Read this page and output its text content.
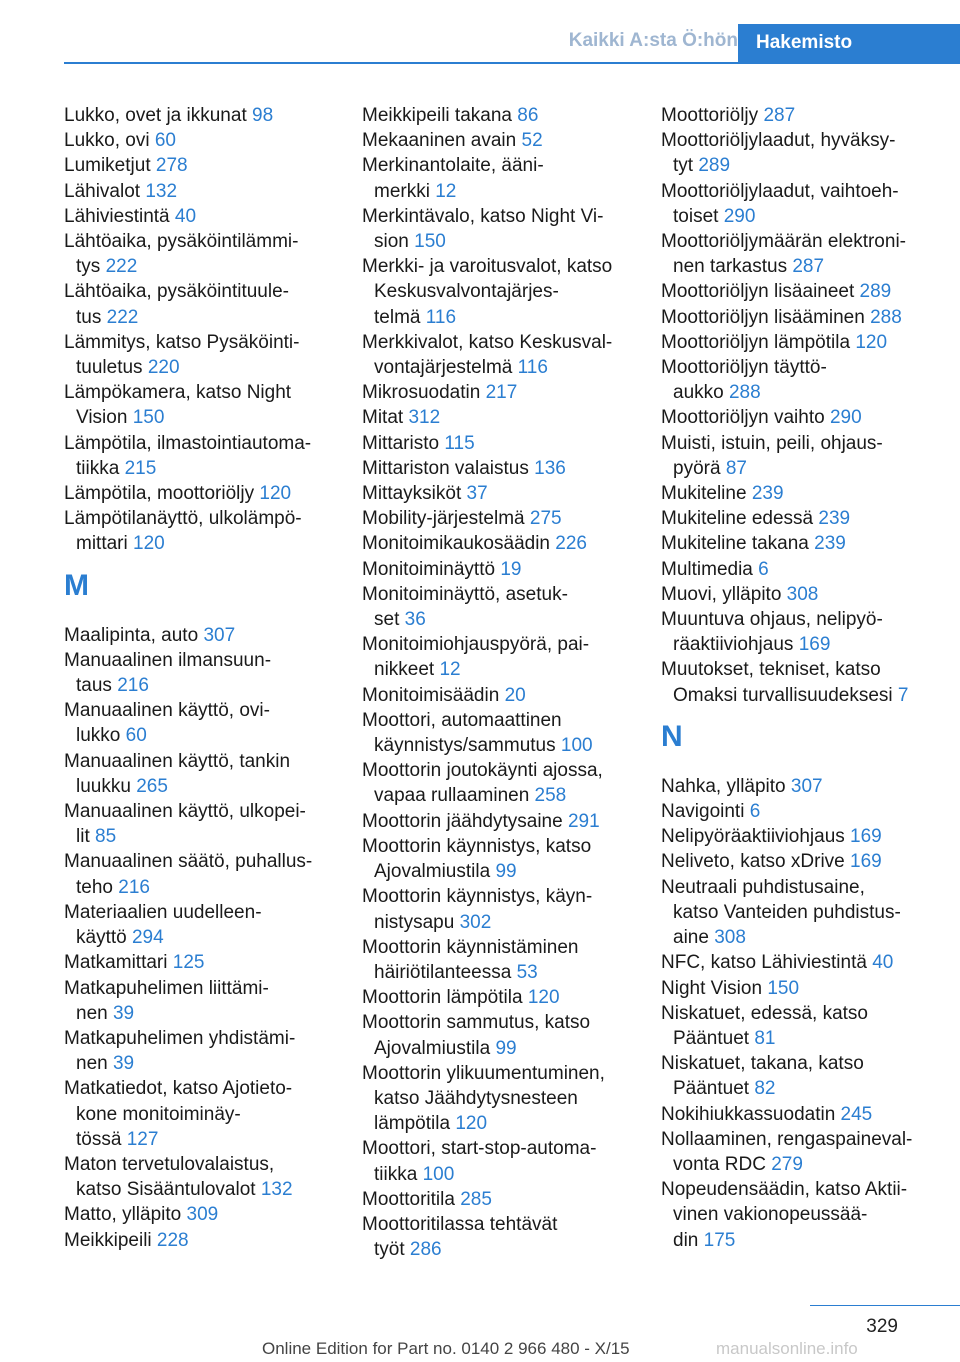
Kaikki A:sta Ö:hön Hakemisto
Lukko, ovet ja ikkunat 98
Lukko, ovi 60
Lumiketjut 278
Lähivalot 132
Lähiviestintä 40
Lähtöaika, pysäköintilämmi-
tys 222
Lähtöaika, pysäköintituule-
tus 222
Lämmitys, katso Pysäköinti-
tuuletus 220
Lämpökamera, katso Night
Vision 150
Lämpötila, ilmastointiautoma-
tiikka 215
Lämpötila, moottoriöljy 120
Lämpötilanäyttö, ulkolämpö-
mittari 120
M
Maalipinta, auto 307
Manuaalinen ilmansuun-
taus 216
Manuaalinen käyttö, ovi-
lukko 60
Manuaalinen käyttö, tankin
luukku 265
Manuaalinen käyttö, ulkopei-
lit 85
Manuaalinen säätö, puhallus-
teho 216
Materiaalien uudelleen-
käyttö 294
Matkamittari 125
Matkapuhelimen liittämi-
nen 39
Matkapuhelimen yhdistämi-
nen 39
Matkatiedot, katso Ajotieto-
kone monitoiminäy-
tössä 127
Maton tervetulovalaistus,
katso Sisääntulovalot 132
Matto, ylläpito 309
Meikkipeili 228
Meikkipeili takana 86
Mekaaninen avain 52
Merkinantolaite, ääni-
merkki 12
Merkintävalo, katso Night Vi-
sion 150
Merkki- ja varoitusvalot, katso
Keskusvalvontajärjes-
telmä 116
Merkkivalot, katso Keskusval-
vontajärjestelmä 116
Mikrosuodatin 217
Mitat 312
Mittaristo 115
Mittariston valaistus 136
Mittayksiköt 37
Mobility-järjestelmä 275
Monitoimikaukosäädin 226
Monitoiminäyttö 19
Monitoiminäyttö, asetuk-
set 36
Monitoimiohjauspyörä, pai-
nikkeet 12
Monitoimisäädin 20
Moottori, automaattinen
käynnistys/sammutus 100
Moottorin joutokäynti ajossa,
vapaa rullaaminen 258
Moottorin jäähdytysaine 291
Moottorin käynnistys, katso
Ajovalmiustila 99
Moottorin käynnistys, käyn-
nistysapu 302
Moottorin käynnistäminen
häiriötilanteessa 53
Moottorin lämpötila 120
Moottorin sammutus, katso
Ajovalmiustila 99
Moottorin ylikuumentuminen,
katso Jäähdytysnesteen
lämpötila 120
Moottori, start-stop-automa-
tiikka 100
Moottoritila 285
Moottoritilassa tehtävät
työt 286
Moottoriöljy 287
Moottoriöljylaadut, hyväksy-
tyt 289
Moottoriöljylaadut, vaihtoeh-
toiset 290
Moottoriöljymäärän elektroni-
nen tarkastus 287
Moottoriöljyn lisäaineet 289
Moottoriöljyn lisääminen 288
Moottoriöljyn lämpötila 120
Moottoriöljyn täyttö-
aukko 288
Moottoriöljyn vaihto 290
Muisti, istuin, peili, ohjaus-
pyörä 87
Mukiteline 239
Mukiteline edessä 239
Mukiteline takana 239
Multimedia 6
Muovi, ylläpito 308
Muuntuva ohjaus, nelipyö-
räaktiiviohjaus 169
Muutokset, tekniset, katso
Omaksi turvallisuudeksesi 7
N
Nahka, ylläpito 307
Navigointi 6
Nelipyöräaktiiviohjaus 169
Neliveto, katso xDrive 169
Neutraali puhdistusaine,
katso Vanteiden puhdistus-
aine 308
NFC, katso Lähiviestintä 40
Night Vision 150
Niskatuet, edessä, katso
Pääntuet 81
Niskatuet, takana, katso
Pääntuet 82
Nokihiukkassuodatin 245
Nollaaminen, rengaspaineval-
vonta RDC 279
Nopeudensäädin, katso Aktii-
vinen vakionopeussää-
din 175
329
Online Edition for Part no. 0140 2 966 480 - X/15	manualsonline.info
